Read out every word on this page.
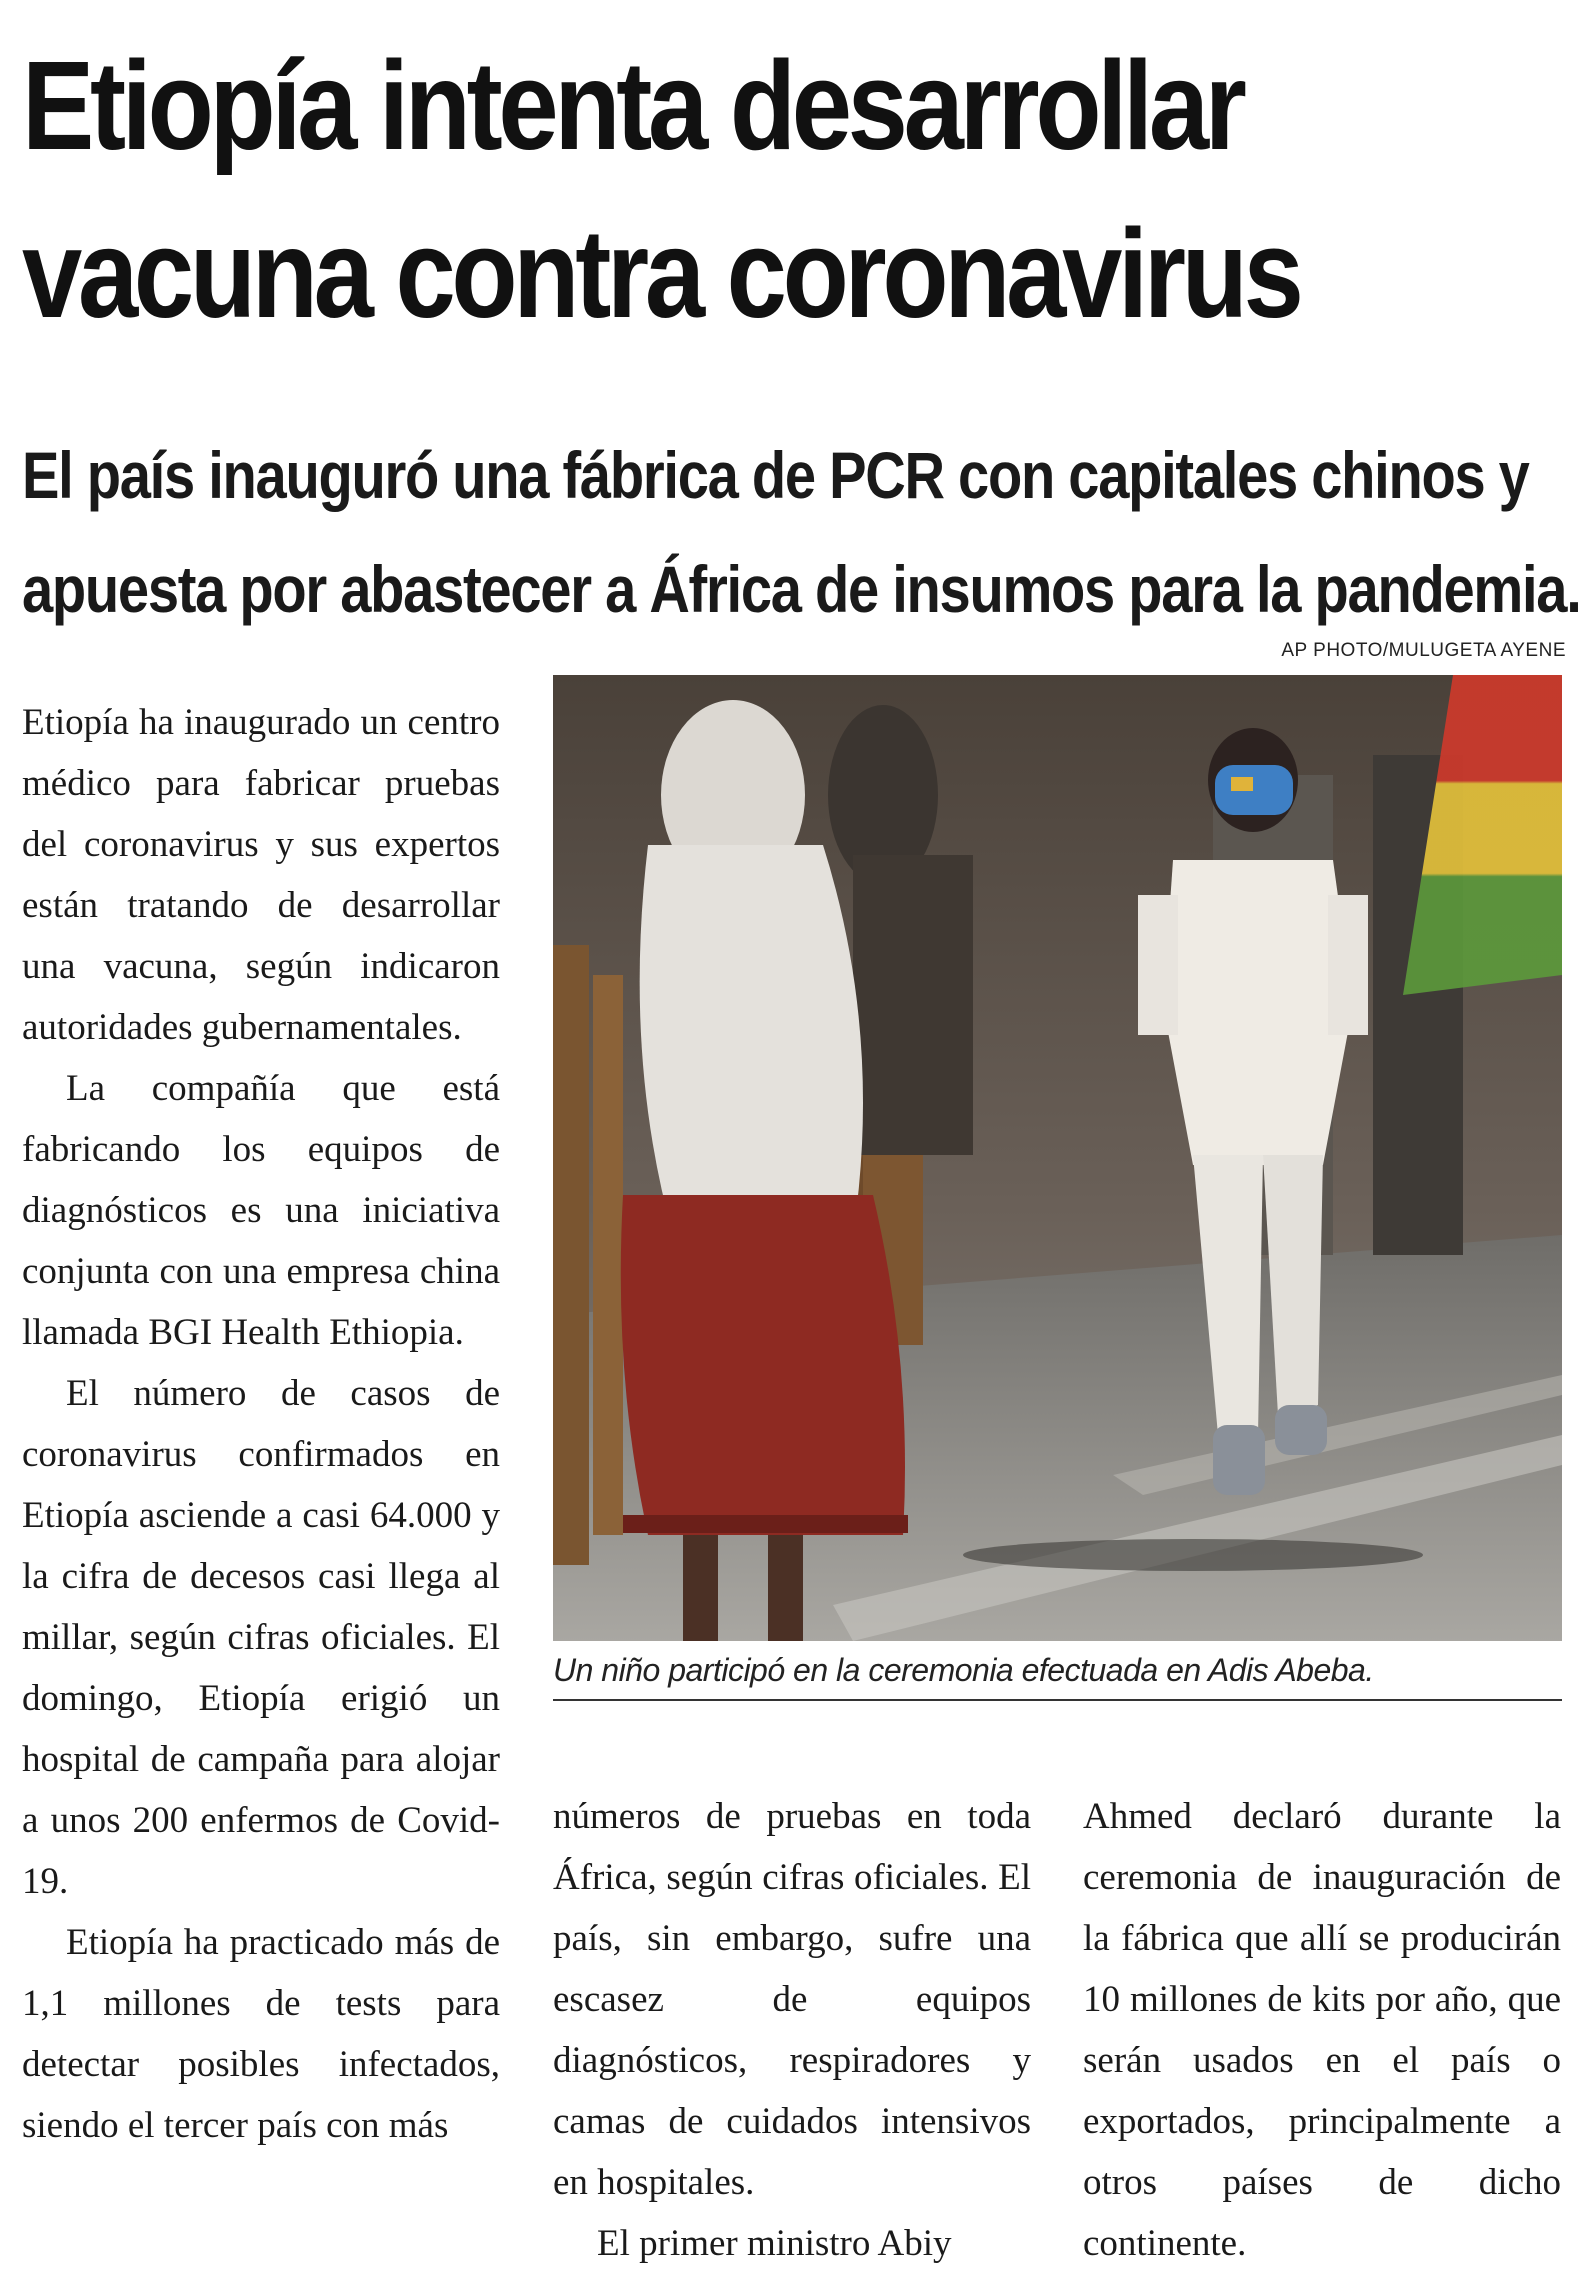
Etiopía intenta desarrollar
vacuna contra coronavirus
El país inauguró una fábrica de PCR con capitales chinos y
apuesta por abastecer a África de insumos para la pandemia.
AP PHOTO/MULUGETA AYENE

Etiopía ha inaugurado un centro médico para fabricar pruebas del coronavirus y sus expertos están tratando de desarrollar una vacuna, según indicaron autoridades gubernamentales.

La compañía que está fabricando los equipos de diagnósticos es una iniciativa conjunta con una empresa china llamada BGI Health Ethiopia.

El número de casos de coronavirus confirmados en Etiopía asciende a casi 64.000 y la cifra de decesos casi llega al millar, según cifras oficiales. El domingo, Etiopía erigió un hospital de campaña para alojar a unos 200 enfermos de Covid-19.

Etiopía ha practicado más de 1,1 millones de tests para detectar posibles infectados, siendo el tercer país con más

Un niño participó en la ceremonia efectuada en Adis Abeba.

números de pruebas en toda África, según cifras oficiales. El país, sin embargo, sufre una escasez de equipos diagnósticos, respiradores y camas de cuidados intensivos en hospitales.

El primer ministro Abiy

Ahmed declaró durante la ceremonia de inauguración de la fábrica que allí se producirán 10 millones de kits por año, que serán usados en el país o exportados, principalmente a otros países de dicho continente.
